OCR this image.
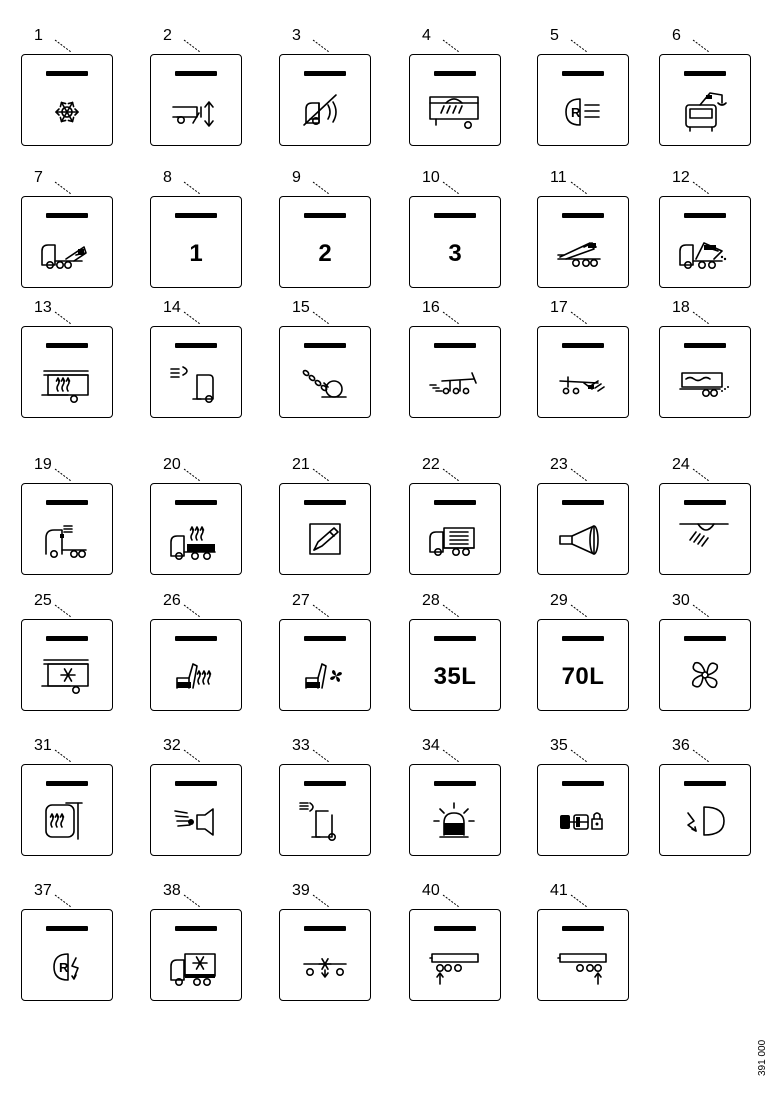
1	2	3	4	5
R
6
7	8
1
9
2
10
3
11	12
13	14	15	16	17	18
19	20	21	22	23	24
25	26	27	28
35L
29
70L
30
31	32	33	34	35	36
37
R
38	39	40	41
391 000
